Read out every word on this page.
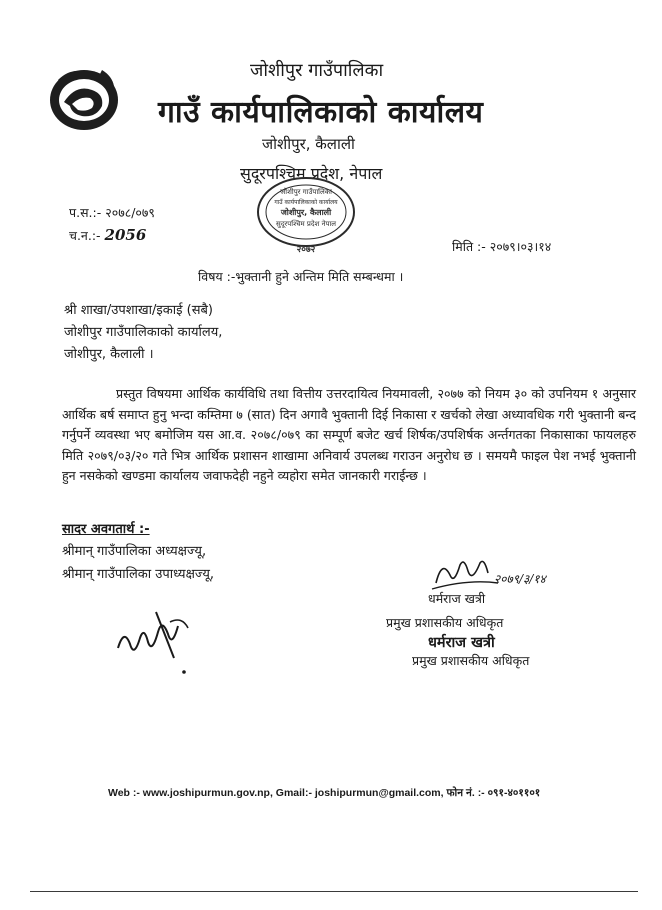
जोशीपुर गाउँपालिका
गाउँ कार्यपालिकाको कार्यालय
जोशीपुर, कैलाली
सुदूरपश्चिम प्रदेश, नेपाल
जोशीपुर गाउँपालिका
गाउँ कार्यपालिकाको कार्यालय
जोशीपुर, कैलाली
सुदूरपश्चिम प्रदेश नेपाल
२०७२
प.स.:- २०७८/०७९
च.न.:- 2056
मिति :- २०७९।०३।१४
विषय :-भुक्तानी हुने अन्तिम मिति सम्बन्धमा ।
श्री शाखा/उपशाखा/इकाई (सबै)
जोशीपुर गाउँपालिकाको कार्यालय,
जोशीपुर, कैलाली ।
प्रस्तुत विषयमा आर्थिक कार्यविधि तथा वित्तीय उत्तरदायित्व नियमावली, २०७७ को नियम ३० को उपनियम १ अनुसार आर्थिक बर्ष समाप्त हुनु भन्दा कम्तिमा ७ (सात) दिन अगावै भुक्तानी दिई निकासा र खर्चको लेखा अध्यावधिक गरी भुक्तानी बन्द गर्नुपर्ने व्यवस्था भए बमोजिम यस आ.व. २०७८/०७९ का सम्पूर्ण बजेट खर्च शिर्षक/उपशिर्षक अर्न्तगतका निकासाका फायलहरु मिति २०७९/०३/२० गते भित्र आर्थिक प्रशासन शाखामा अनिवार्य उपलब्ध गराउन अनुरोध छ । समयमै फाइल पेश नभई भुक्तानी हुन नसकेको खण्डमा कार्यालय जवाफदेही नहुने व्यहोरा समेत जानकारी गराईन्छ ।
सादर अवगतार्थ :-
श्रीमान् गाउँपालिका अध्यक्षज्यू,
श्रीमान् गाउँपालिका उपाध्यक्षज्यू,	२०७९/३/१४
धर्मराज खत्री
प्रमुख प्रशासकीय अधिकृत
धर्मराज खत्री
प्रमुख प्रशासकीय अधिकृत
Web :- www.joshipurmun.gov.np, Gmail:- joshipurmun@gmail.com, फोन नं. :- ०९१-४०११०१
